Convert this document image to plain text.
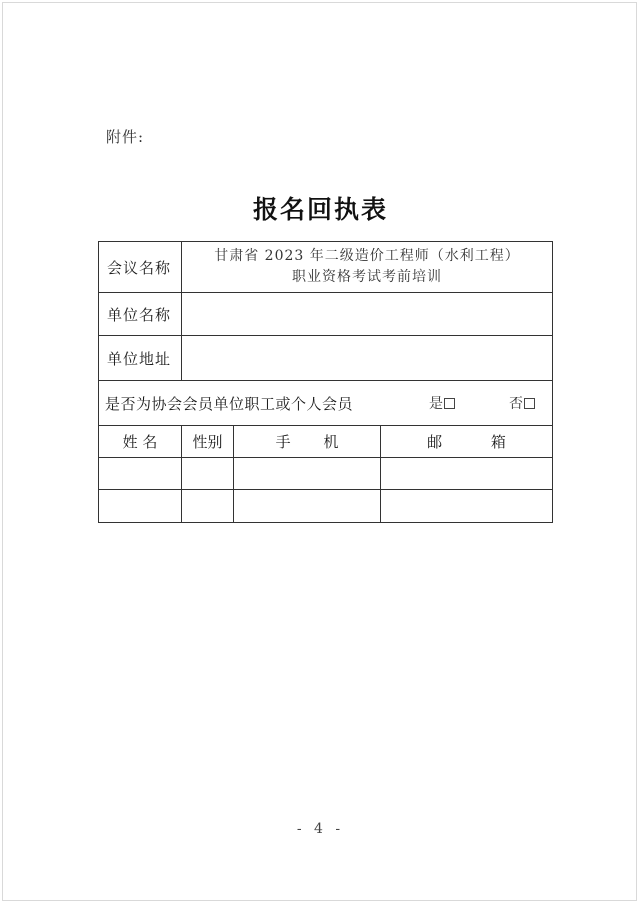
附件:
报名回执表
会议名称	甘肃省 2023 年二级造价工程师（水利工程）
职业资格考试考前培训		

单位名称			
单位地址			
是否为协会会员单位职工或个人会员 是 否			

姓 名	性别	手 机	邮 箱

- 4 -
